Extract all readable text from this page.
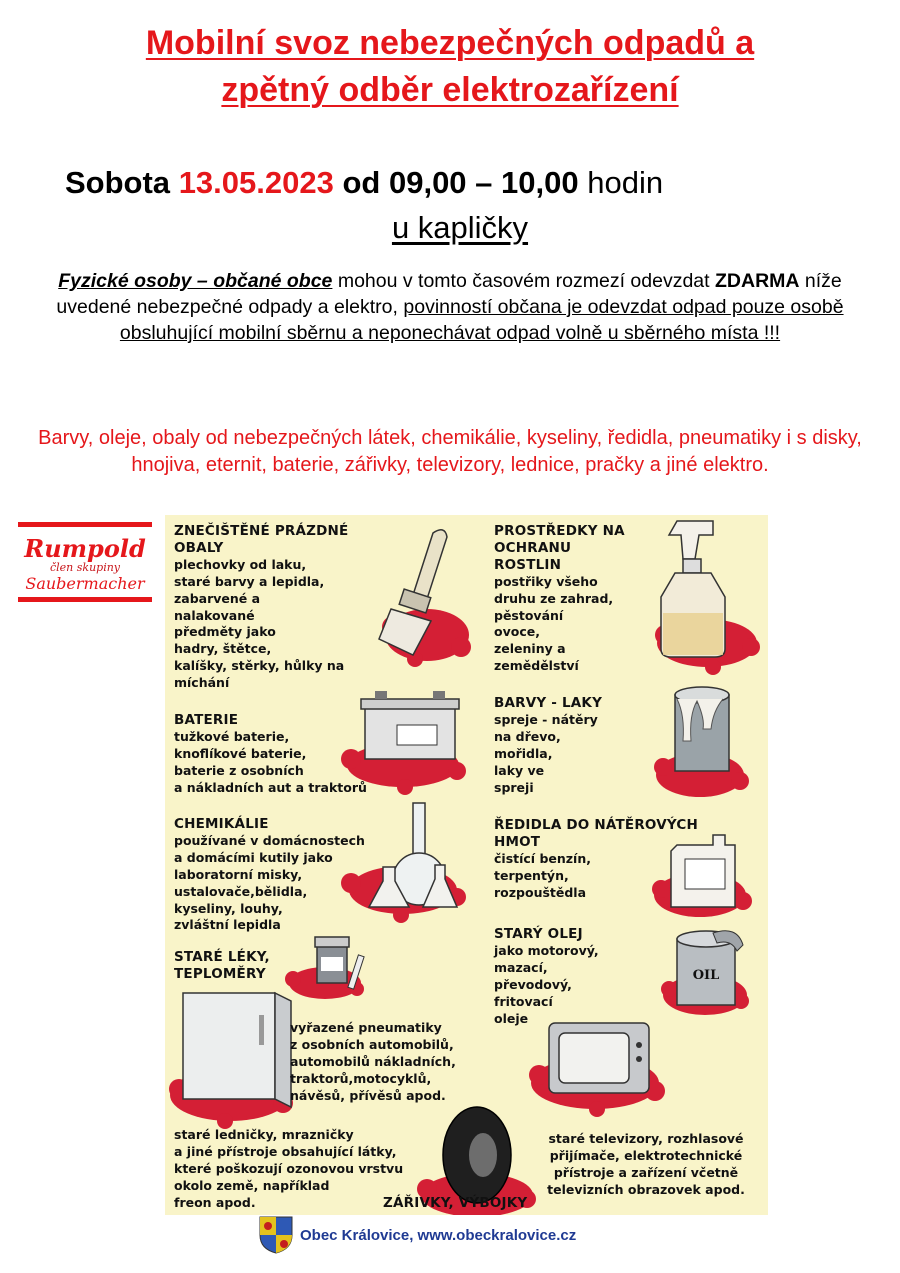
Mobilní svoz nebezpečných odpadů a
zpětný odběr elektrozařízení
Sobota 13.05.2023 od 09,00 – 10,00 hodin
u kapličky
Fyzické osoby – občané obce mohou v tomto časovém rozmezí odevzdat ZDARMA níže uvedené nebezpečné odpady a elektro, povinností občana je odevzdat odpad pouze osobě obsluhující mobilní sběrnu a neponechávat odpad volně u sběrného místa !!!
Barvy, oleje, obaly od nebezpečných látek, chemikálie, kyseliny, ředidla, pneumatiky i s disky, hnojiva, eternit, baterie, zářivky, televizory, lednice, pračky a jiné elektro.
Rumpold
člen skupiny
Saubermacher
OIL
ZNEČIŠTĚNÉ PRÁZDNÉ
OBALY
plechovky od laku,
staré barvy a lepidla,
zabarvené a
nalakované
předměty jako
hadry, štětce,
kalíšky, stěrky, hůlky na
míchání
BATERIE
tužkové baterie,
knoflíkové baterie,
baterie z osobních
a nákladních aut a traktorů
CHEMIKÁLIE
používané v domácnostech
a domácími kutily jako
laboratorní misky,
ustalovače,bělidla,
kyseliny, louhy,
zvláštní lepidla
STARÉ LÉKY,
TEPLOMĚRY
PROSTŘEDKY NA
OCHRANU
ROSTLIN
postřiky všeho
druhu ze zahrad,
pěstování
ovoce,
zeleniny a
zemědělství
BARVY - LAKY
spreje - nátěry
na dřevo,
mořidla,
laky ve
spreji
ŘEDIDLA DO NÁTĚROVÝCH
HMOT
čistící benzín,
terpentýn,
rozpouštědla
STARÝ OLEJ
jako motorový,
mazací,
převodový,
fritovací
oleje
vyřazené pneumatiky
z osobních automobilů,
automobilů nákladních,
traktorů,motocyklů,
návěsů, přívěsů apod.
staré ledničky, mrazničky
a jiné přístroje obsahující látky,
které poškozují ozonovou vrstvu
okolo země, například
freon apod.
staré televizory, rozhlasové
přijímače, elektrotechnické
přístroje a zařízení včetně
televizních obrazovek apod.
ZÁŘIVKY, VÝBOJKY
Obec Královice, www.obeckralovice.cz
